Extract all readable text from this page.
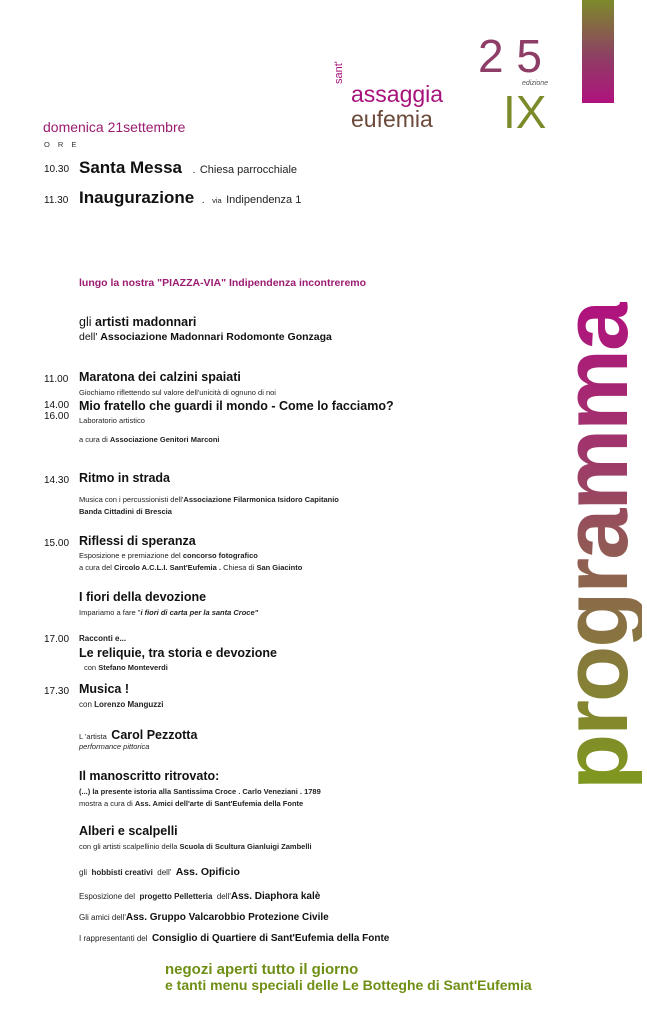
sant'
assaggia
eufemia
2 5
edizione
IX
programma
domenica 21settembre
O R E
10.30 Santa Messa . Chiesa parrocchiale
11.30 Inaugurazione . via Indipendenza 1
lungo la nostra "PIAZZA-VIA" Indipendenza incontreremo
gli artisti madonnari
dell' Associazione Madonnari Rodomonte Gonzaga
11.00 Maratona dei calzini spaiati
Giochiamo riflettendo sul valore dell'unicità di ognuno di noi
14.00
16.00
Mio fratello che guardi il mondo - Come lo facciamo?
Laboratorio artistico
a cura di Associazione Genitori Marconi
14.30 Ritmo in strada
Musica con i percussionisti dell'Associazione Filarmonica Isidoro Capitanio
Banda Cittadini di Brescia
15.00 Riflessi di speranza
Esposizione e premiazione del concorso fotografico
a cura del Circolo A.C.L.I. Sant'Eufemia . Chiesa di San Giacinto
I fiori della devozione
Impariamo a fare "i fiori di carta per la santa Croce"
17.00 Racconti e...
Le reliquie, tra storia e devozione
con Stefano Monteverdi
17.30 Musica !
con Lorenzo Manguzzi
L 'artista Carol Pezzotta
performance pittorica
Il manoscritto ritrovato:
(...) la presente istoria alla Santissima Croce . Carlo Veneziani . 1789
mostra a cura di Ass. Amici dell'arte di Sant'Eufemia della Fonte
Alberi e scalpelli
con gli artisti scalpellinio della Scuola di Scultura Gianluigi Zambelli
gli hobbisti creativi dell' Ass. Opificio
Esposizione del progetto Pelletteria dell'Ass. Diaphora kalè
Gli amici dell'Ass. Gruppo Valcarobbio Protezione Civile
I rappresentanti del Consiglio di Quartiere di Sant'Eufemia della Fonte
negozi aperti tutto il giorno
e tanti menu speciali delle Le Botteghe di Sant'Eufemia
